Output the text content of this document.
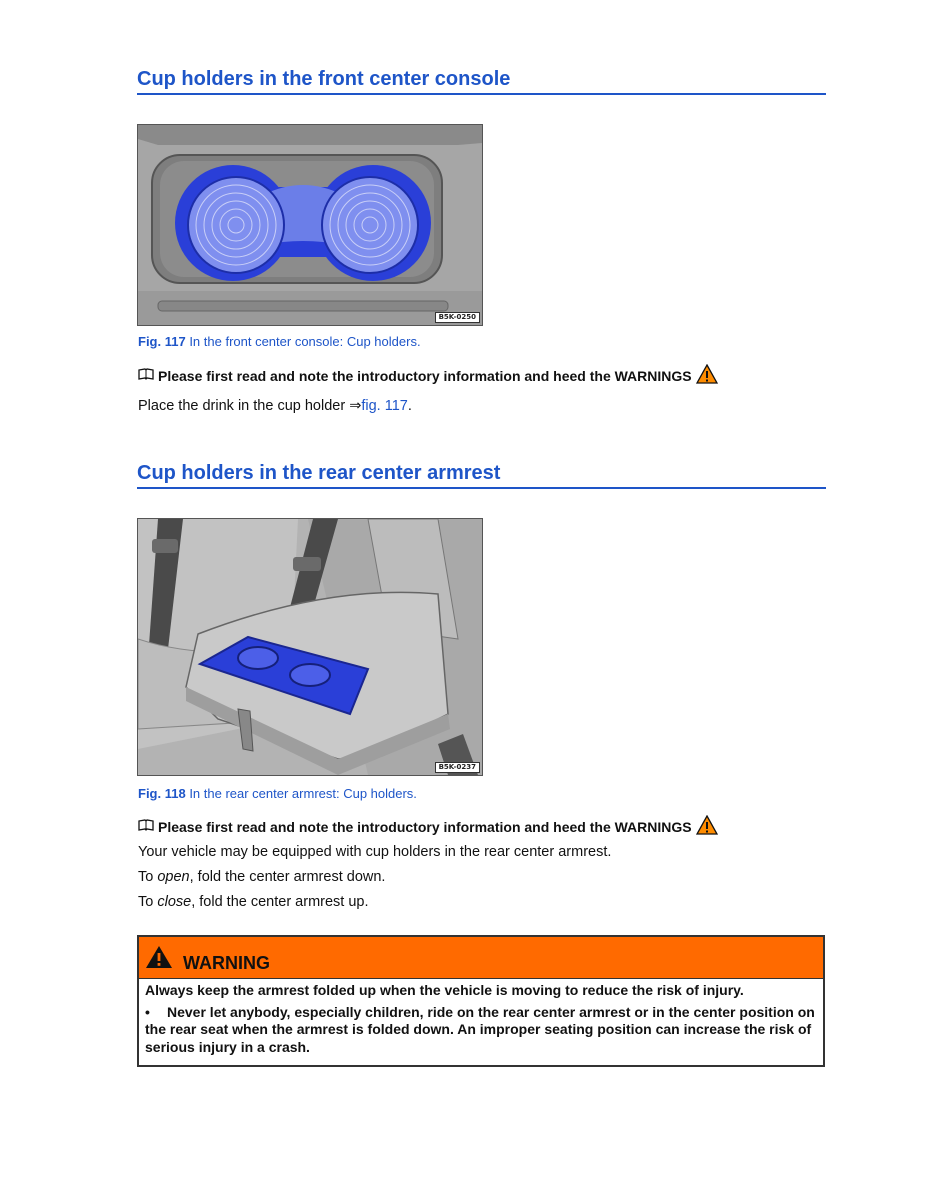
Cup holders in the front center console
B5K-0250
Fig. 117 In the front center console: Cup holders.
Please first read and note the introductory information and heed the WARNINGS
Place the drink in the cup holder ⇒fig. 117.
Cup holders in the rear center armrest
B5K-0237
Fig. 118 In the rear center armrest: Cup holders.
Please first read and note the introductory information and heed the WARNINGS
Your vehicle may be equipped with cup holders in the rear center armrest.
To open, fold the center armrest down.
To close, fold the center armrest up.
WARNING

Always keep the armrest folded up when the vehicle is moving to reduce the risk of injury.

• Never let anybody, especially children, ride on the rear center armrest or in the center position on the rear seat when the armrest is folded down. An improper seating position can increase the risk of serious injury in a crash.
